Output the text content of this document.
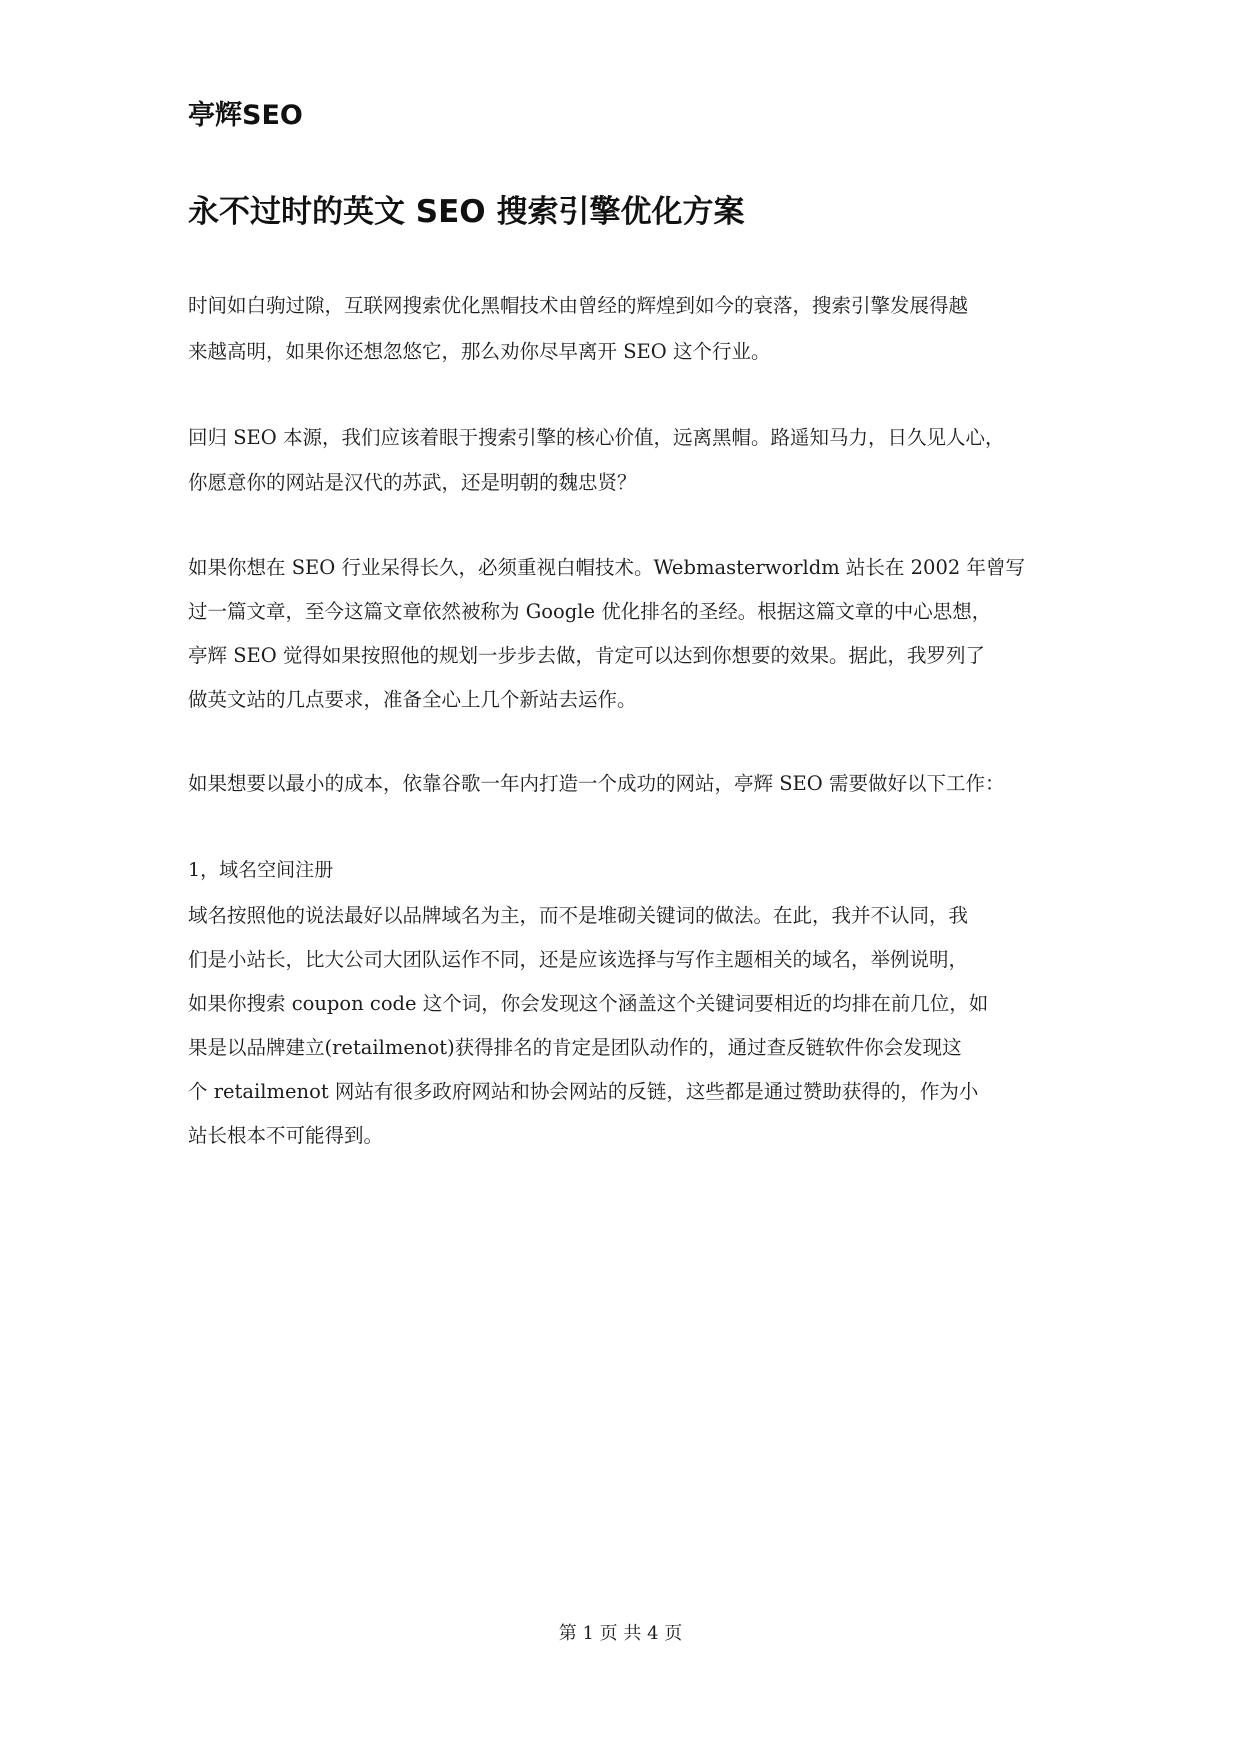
亭辉SEO
永不过时的英文 SEO 搜索引擎优化方案

时间如白驹过隙，互联网搜索优化黑帽技术由曾经的辉煌到如今的衰落，搜索引擎发展得越

来越高明，如果你还想忽悠它，那么劝你尽早离开 SEO 这个行业。

回归 SEO 本源，我们应该着眼于搜索引擎的核心价值，远离黑帽。路遥知马力，日久见人心，

你愿意你的网站是汉代的苏武，还是明朝的魏忠贤？

如果你想在 SEO 行业呆得长久，必须重视白帽技术。Webmasterworldm 站长在 2002 年曾写

过一篇文章，至今这篇文章依然被称为 Google 优化排名的圣经。根据这篇文章的中心思想，

亭辉 SEO 觉得如果按照他的规划一步步去做，肯定可以达到你想要的效果。据此，我罗列了

做英文站的几点要求，准备全心上几个新站去运作。

如果想要以最小的成本，依靠谷歌一年内打造一个成功的网站，亭辉 SEO 需要做好以下工作：

1，域名空间注册

域名按照他的说法最好以品牌域名为主，而不是堆砌关键词的做法。在此，我并不认同，我

们是小站长，比大公司大团队运作不同，还是应该选择与写作主题相关的域名，举例说明，

如果你搜索 coupon code 这个词，你会发现这个涵盖这个关键词要相近的均排在前几位，如

果是以品牌建立(retailmenot)获得排名的肯定是团队动作的，通过查反链软件你会发现这

个 retailmenot 网站有很多政府网站和协会网站的反链，这些都是通过赞助获得的，作为小

站长根本不可能得到。

第 1 页 共 4 页
